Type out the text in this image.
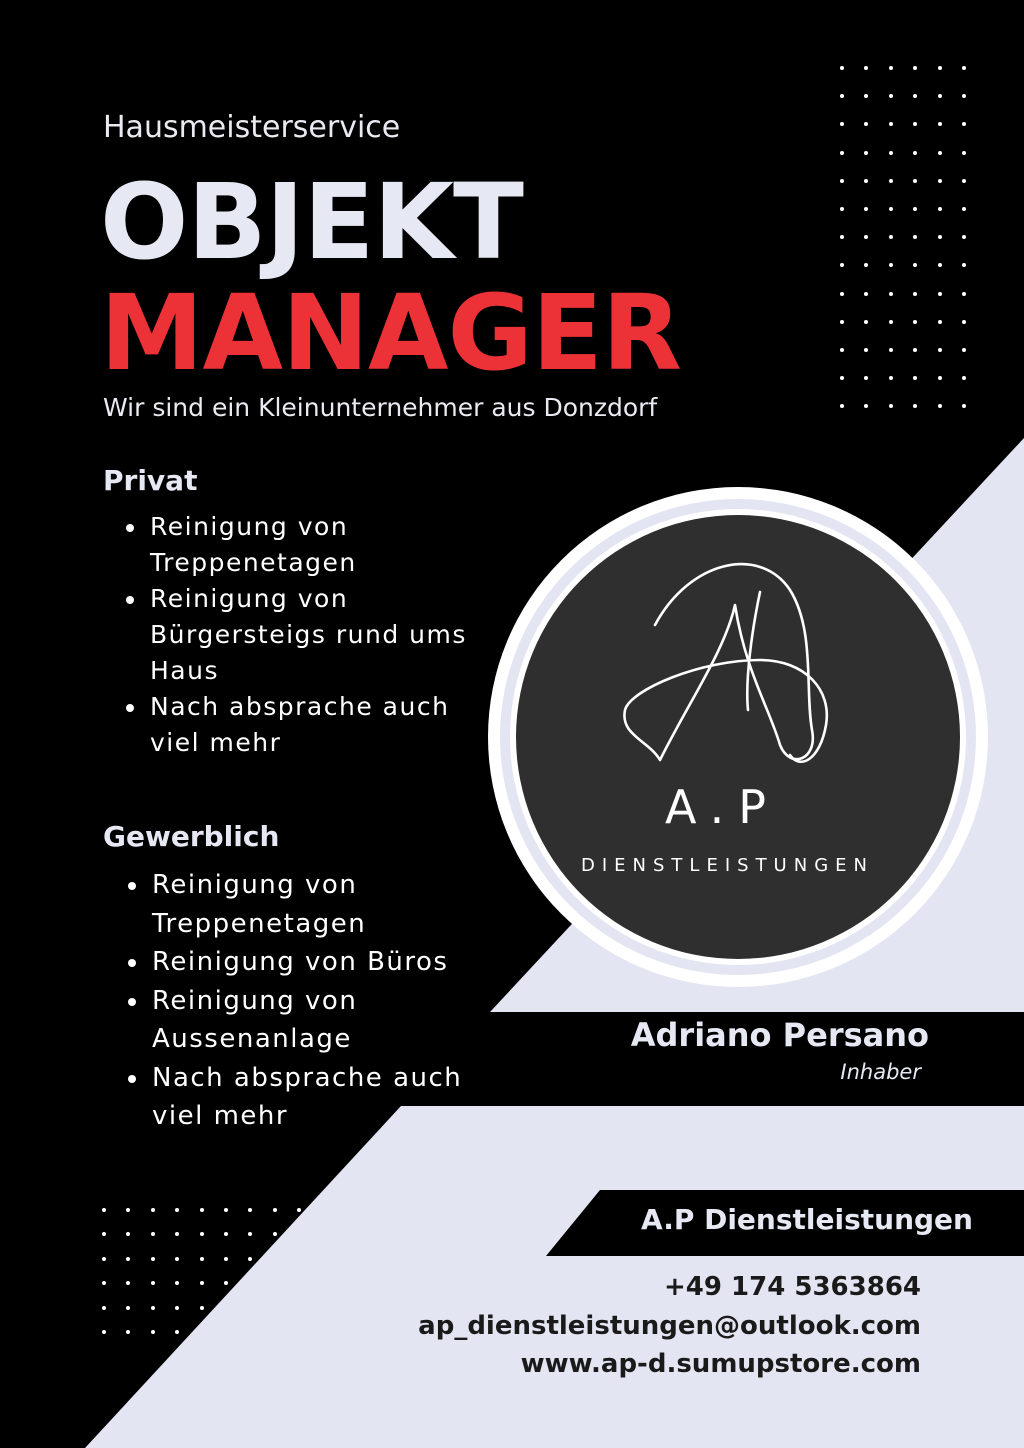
Hausmeisterservice
OBJEKT
MANAGER
Wir sind ein Kleinunternehmer aus Donzdorf
Privat
• Reinigung von Treppenetagen
• Reinigung von Bürgersteigs rund ums Haus
• Nach absprache auch viel mehr
Gewerblich
• Reinigung von Treppenetagen
• Reinigung von Büros
• Reinigung von Aussenanlage
• Nach absprache auch viel mehr
A.P
DIENSTLEISTUNGEN
Adriano Persano
Inhaber
A.P Dienstleistungen
+49 174 5363864
ap_dienstleistungen@outlook.com
www.ap-d.sumupstore.com
